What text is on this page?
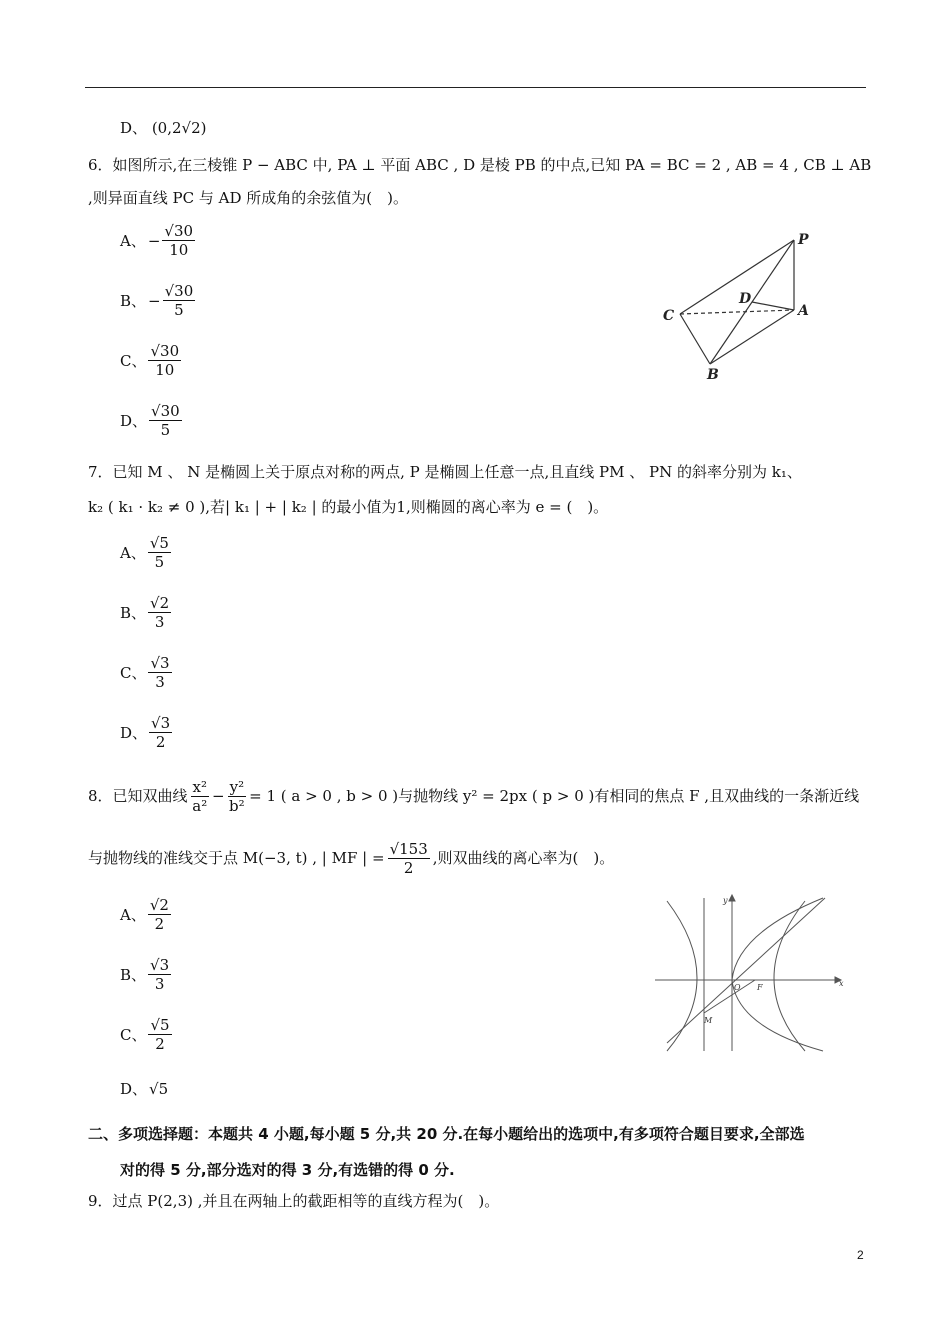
D、 (0,2√2)
6．如图所示,在三棱锥 P − ABC 中, PA ⊥ 平面 ABC , D 是棱 PB 的中点,已知 PA = BC = 2 , AB = 4 , CB ⊥ AB
,则异面直线 PC 与 AD 所成角的余弦值为(　)。
A、 − $\frac{√30}{10}$
B、 − $\frac{√30}{5}$
C、 $\frac{√30}{10}$
D、 $\frac{√30}{5}$
P
A
B
C
D
7．已知 M 、 N 是椭圆上关于原点对称的两点, P 是椭圆上任意一点,且直线 PM 、 PN 的斜率分别为 k₁、
k₂ ( k₁ · k₂ ≠ 0 ),若| k₁ | + | k₂ | 的最小值为1,则椭圆的离心率为 e = (　)。
A、 $\frac{√5}{5}$
B、 $\frac{√2}{3}$
C、 $\frac{√3}{3}$
D、 $\frac{√3}{2}$
8．已知双曲线 $\frac{\text{x²}}{\text{a²}} - \frac{\text{y²}}{\text{b²}} = 1$ ( a > 0 , b > 0 )与抛物线 y² = 2px ( p > 0 )有相同的焦点 F ,且双曲线的一条渐近线
与抛物线的准线交于点 M(−3, t) , | MF | = $\frac{√153}{2}$ ,则双曲线的离心率为(　)。
A、 $\frac{√2}{2}$
B、 $\frac{√3}{3}$
C、 $\frac{√5}{2}$
D、 √5
x
y
O F
M
二、多项选择题：本题共 4 小题,每小题 5 分,共 20 分.在每小题给出的选项中,有多项符合题目要求,全部选
对的得 5 分,部分选对的得 3 分,有选错的得 0 分.
9．过点 P(2,3) ,并且在两轴上的截距相等的直线方程为(　)。
2
